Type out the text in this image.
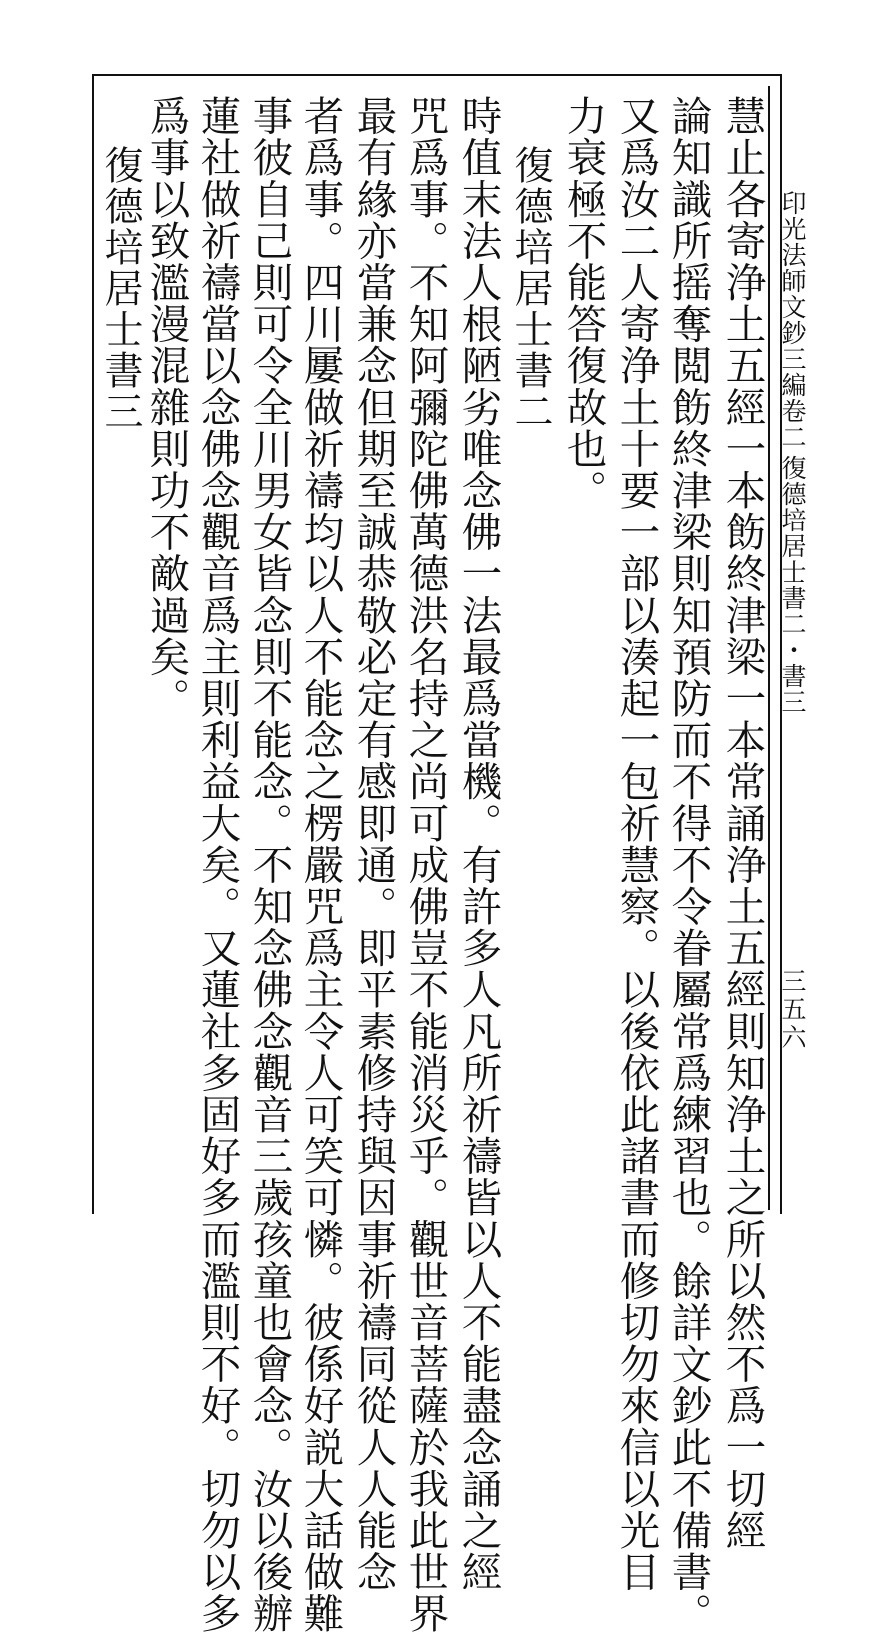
印光法師文鈔三編卷二
復德培居士書二・書三
三五六
慧止各寄浄土五經一本飭終津梁一本常誦浄土五經則知浄土之所以然不爲一切經
論知識所摇奪閲飭終津梁則知預防而不得不令眷屬常爲練習也。餘詳文鈔此不備書。
又爲汝二人寄浄土十要一部以湊起一包祈慧察。以後依此諸書而修切勿來信以光目
力衰極不能答復故也。
復德培居士書二
時值末法人根陋劣唯念佛一法最爲當機。有許多人凡所祈禱皆以人不能盡念誦之經
咒爲事。不知阿彌陀佛萬德洪名持之尚可成佛豈不能消災乎。觀世音菩薩於我此世界
最有緣亦當兼念但期至誠恭敬必定有感即通。即平素修持與因事祈禱同從人人能念
者爲事。四川屢做祈禱均以人不能念之楞嚴咒爲主令人可笑可憐。彼係好説大話做難
事彼自己則可令全川男女皆念則不能念。不知念佛念觀音三歲孩童也會念。汝以後辦
蓮社做祈禱當以念佛念觀音爲主則利益大矣。又蓮社多固好多而濫則不好。切勿以多
爲事以致濫漫混雜則功不敵過矣。
復德培居士書三
